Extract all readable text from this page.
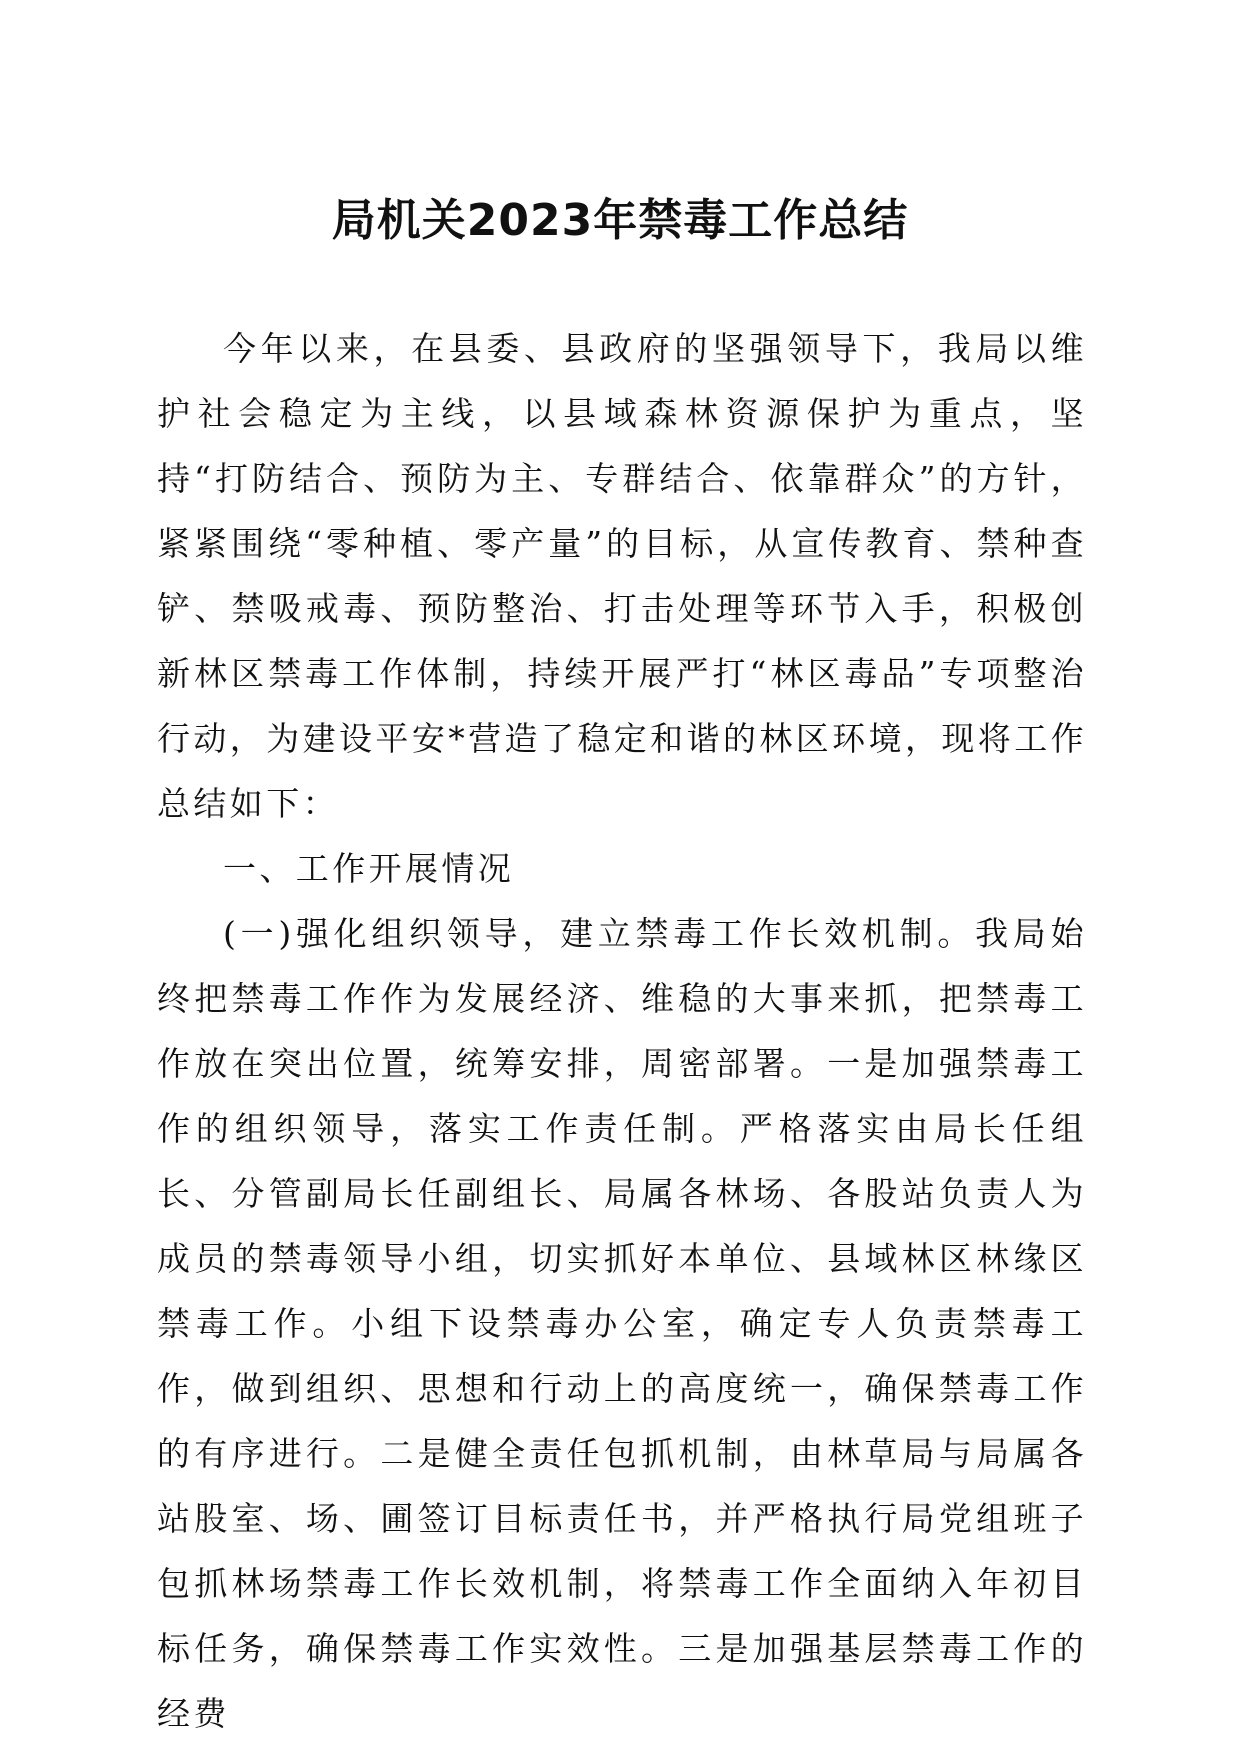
局机关2023年禁毒工作总结

今年以来，在县委、县政府的坚强领导下，我局以维护社会稳定为主线，以县域森林资源保护为重点，坚持“打防结合、预防为主、专群结合、依靠群众”的方针，紧紧围绕“零种植、零产量”的目标，从宣传教育、禁种查铲、禁吸戒毒、预防整治、打击处理等环节入手，积极创新林区禁毒工作体制，持续开展严打“林区毒品”专项整治行动，为建设平安*营造了稳定和谐的林区环境，现将工作总结如下：

一、工作开展情况

(一)强化组织领导，建立禁毒工作长效机制。我局始终把禁毒工作作为发展经济、维稳的大事来抓，把禁毒工作放在突出位置，统筹安排，周密部署。一是加强禁毒工作的组织领导，落实工作责任制。严格落实由局长任组长、分管副局长任副组长、局属各林场、各股站负责人为成员的禁毒领导小组，切实抓好本单位、县域林区林缘区禁毒工作。小组下设禁毒办公室，确定专人负责禁毒工作，做到组织、思想和行动上的高度统一，确保禁毒工作的有序进行。二是健全责任包抓机制，由林草局与局属各站股室、场、圃签订目标责任书，并严格执行局党组班子包抓林场禁毒工作长效机制，将禁毒工作全面纳入年初目标任务，确保禁毒工作实效性。三是加强基层禁毒工作的经费
